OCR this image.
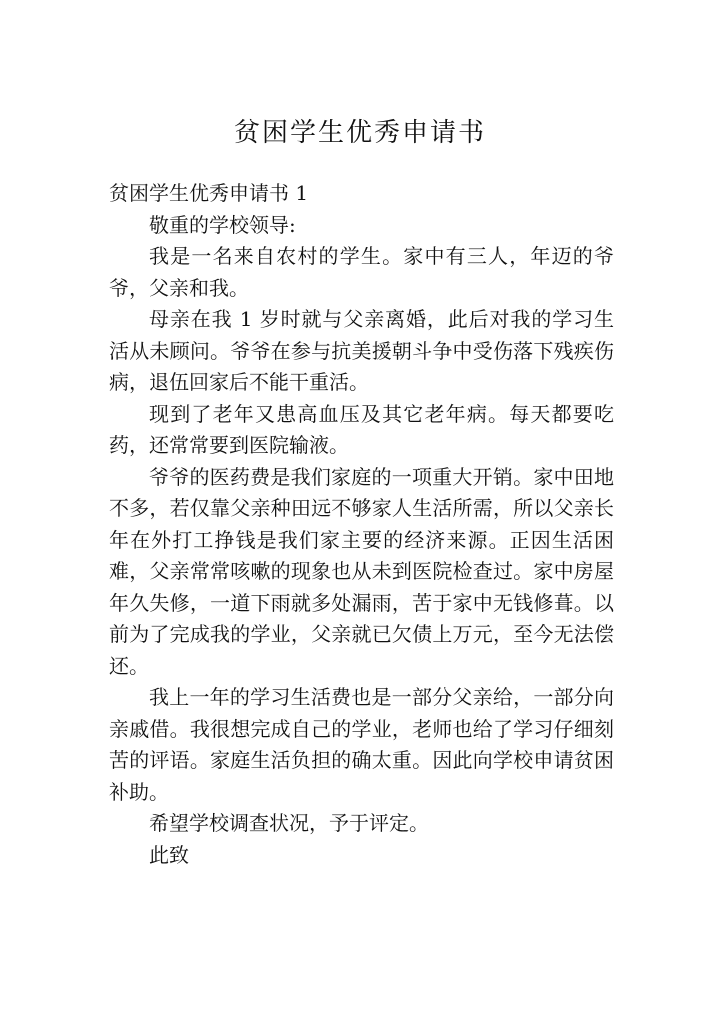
贫困学生优秀申请书

贫困学生优秀申请书 1

敬重的学校领导:

我是一名来自农村的学生。家中有三人，年迈的爷爷，父亲和我。

母亲在我 1 岁时就与父亲离婚，此后对我的学习生活从未顾问。爷爷在参与抗美援朝斗争中受伤落下残疾伤病，退伍回家后不能干重活。

现到了老年又患高血压及其它老年病。每天都要吃药，还常常要到医院输液。

爷爷的医药费是我们家庭的一项重大开销。家中田地不多，若仅靠父亲种田远不够家人生活所需，所以父亲长年在外打工挣钱是我们家主要的经济来源。正因生活困难，父亲常常咳嗽的现象也从未到医院检查过。家中房屋年久失修，一道下雨就多处漏雨，苦于家中无钱修葺。以前为了完成我的学业，父亲就已欠债上万元，至今无法偿还。

我上一年的学习生活费也是一部分父亲给，一部分向亲戚借。我很想完成自己的学业，老师也给了学习仔细刻苦的评语。家庭生活负担的确太重。因此向学校申请贫困补助。

希望学校调查状况，予于评定。

此致
